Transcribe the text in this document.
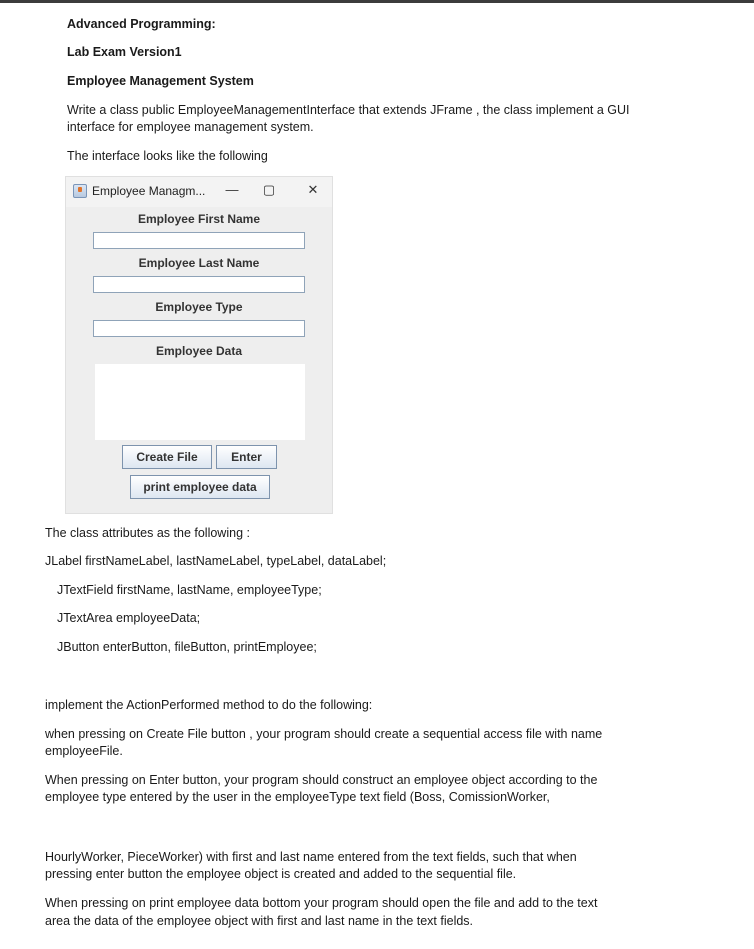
Advanced Programming:
Lab Exam Version1
Employee Management System
Write a class public EmployeeManagementInterface that extends JFrame , the class implement a GUI
interface for employee management system.
The interface looks like the following
Employee Managm... — ▢	✕
Employee First Name
Employee Last Name
Employee Type
Employee Data
Create File	Enter
print employee data
The class attributes as the following :
JLabel firstNameLabel, lastNameLabel, typeLabel, dataLabel;
JTextField firstName, lastName, employeeType;
JTextArea employeeData;
JButton enterButton, fileButton, printEmployee;
implement the ActionPerformed method to do the following:
when pressing on Create File button , your program should create a sequential access file with name
employeeFile.
When pressing on Enter button, your program should construct an employee object according to the
employee type entered by the user in the employeeType text field (Boss, ComissionWorker,
HourlyWorker, PieceWorker) with first and last name entered from the text fields, such that when
pressing enter button the employee object is created and added to the sequential file.
When pressing on print employee data bottom your program should open the file and add to the text
area the data of the employee object with first and last name in the text fields.
